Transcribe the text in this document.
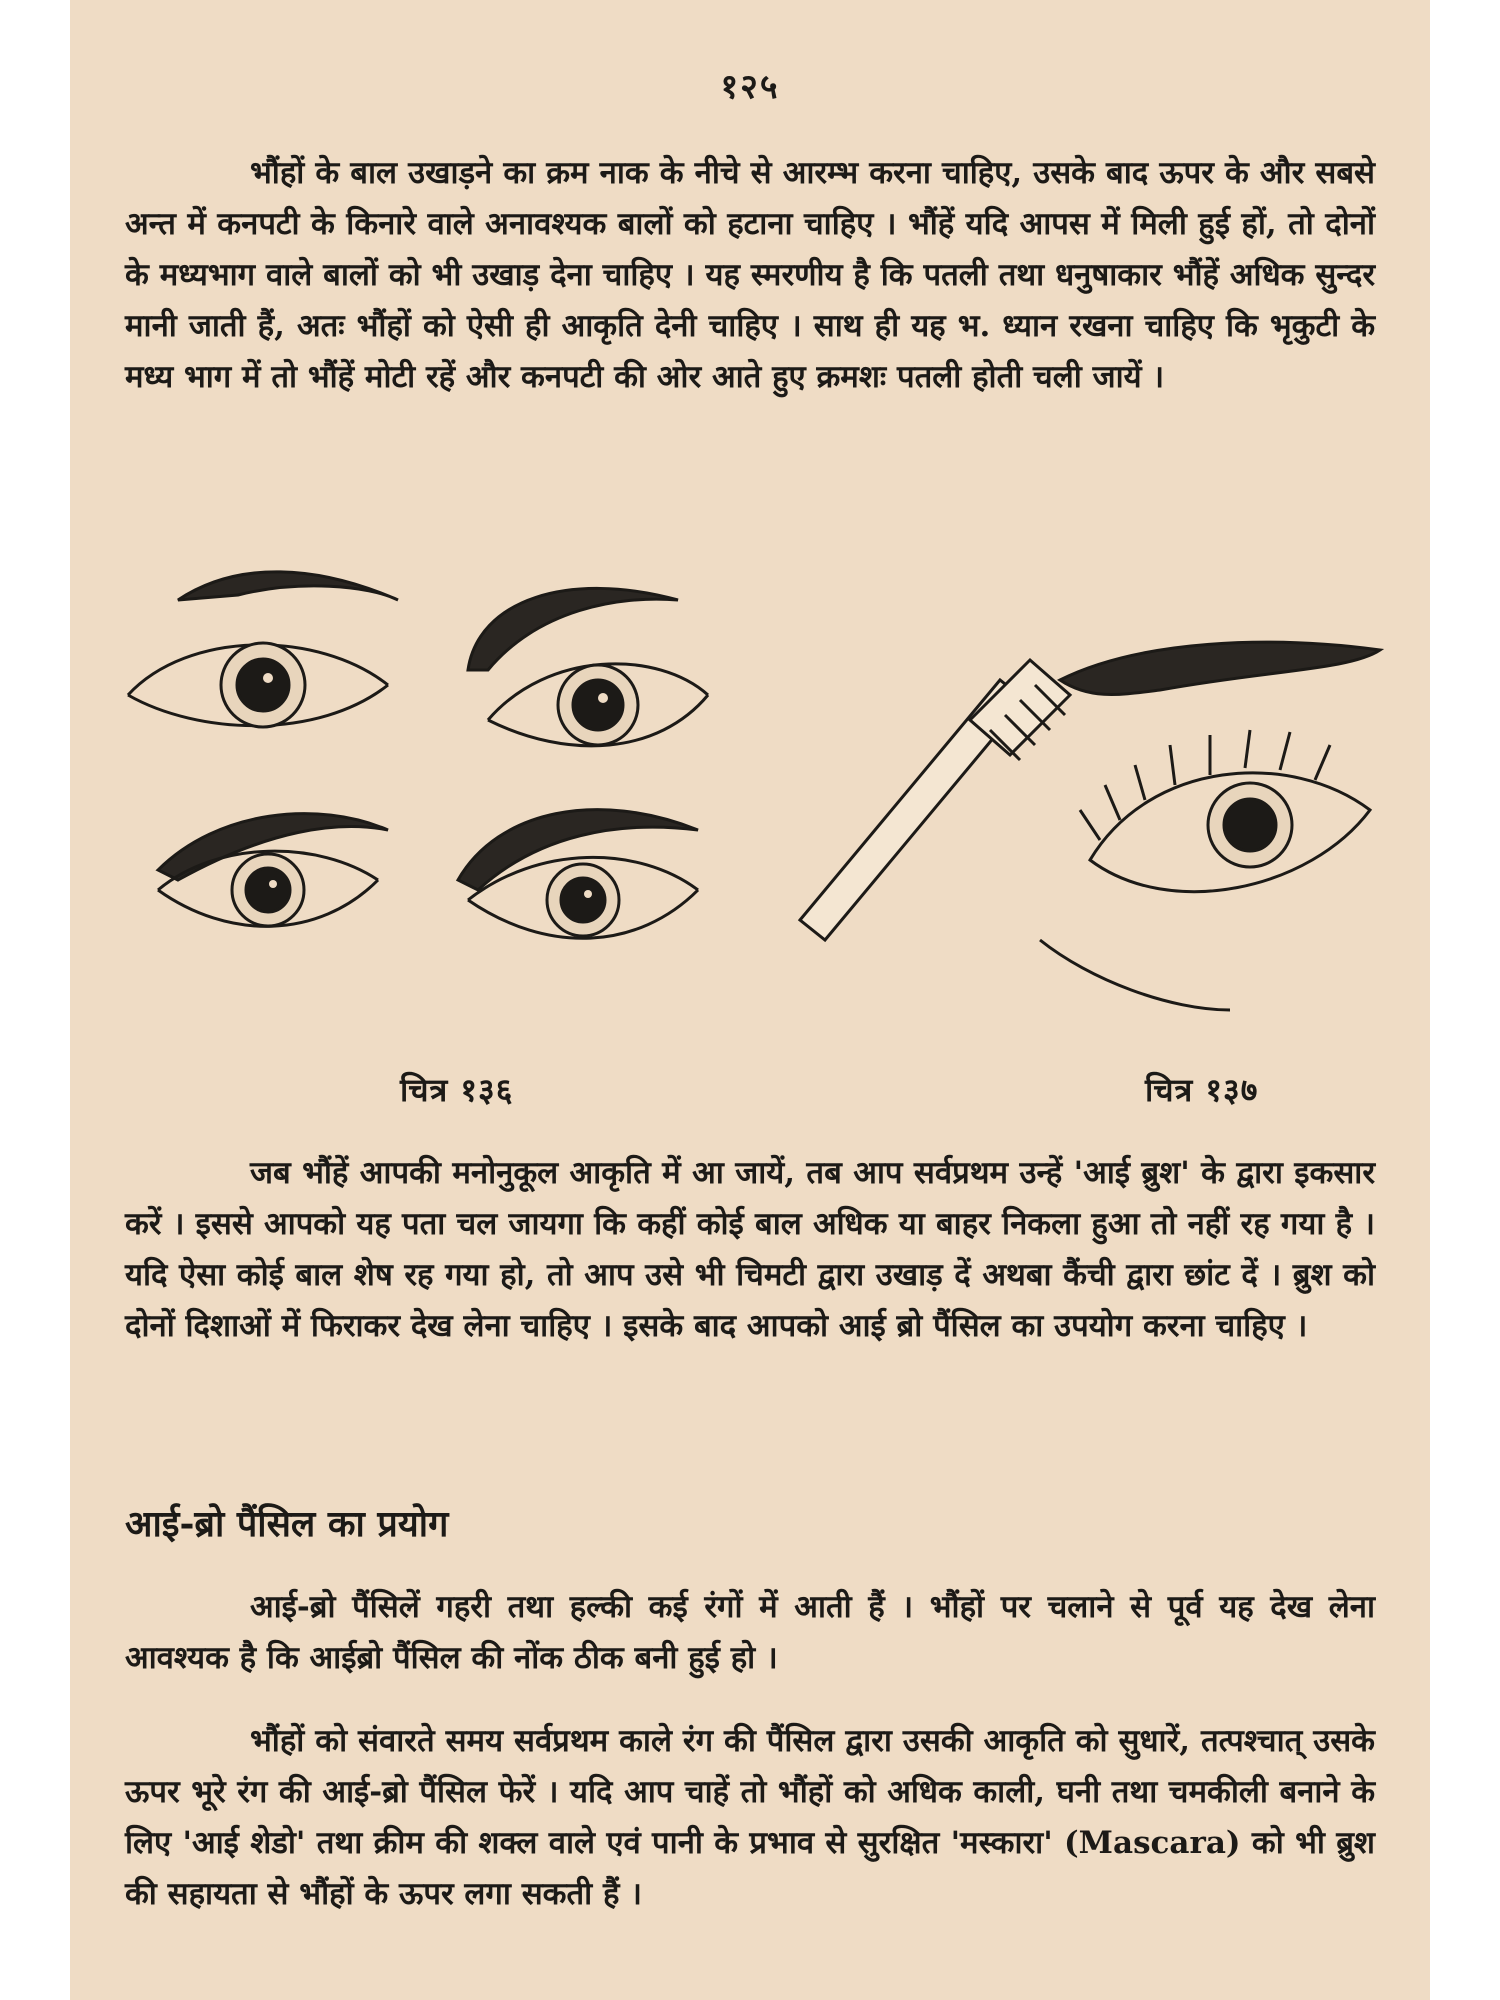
१२५

भौंहों के बाल उखाड़ने का क्रम नाक के नीचे से आरम्भ करना चाहिए, उसके बाद ऊपर के और सबसे अन्त में कनपटी के किनारे वाले अनावश्यक बालों को हटाना चाहिए । भौंहें यदि आपस में मिली हुई हों, तो दोनों के मध्यभाग वाले बालों को भी उखाड़ देना चाहिए । यह स्मरणीय है कि पतली तथा धनुषाकार भौंहें अधिक सुन्दर मानी जाती हैं, अतः भौंहों को ऐसी ही आकृति देनी चाहिए । साथ ही यह भ. ध्यान रखना चाहिए कि भृकुटी के मध्य भाग में तो भौंहें मोटी रहें और कनपटी की ओर आते हुए क्रमशः पतली होती चली जायें ।

चित्र १३६	चित्र १३७

जब भौंहें आपकी मनोनुकूल आकृति में आ जायें, तब आप सर्वप्रथम उन्हें 'आई ब्रुश' के द्वारा इकसार करें । इससे आपको यह पता चल जायगा कि कहीं कोई बाल अधिक या बाहर निकला हुआ तो नहीं रह गया है । यदि ऐसा कोई बाल शेष रह गया हो, तो आप उसे भी चिमटी द्वारा उखाड़ दें अथबा कैंची द्वारा छांट दें । ब्रुश को दोनों दिशाओं में फिराकर देख लेना चाहिए । इसके बाद आपको आई ब्रो पैंसिल का उपयोग करना चाहिए ।

आई-ब्रो पैंसिल का प्रयोग

आई-ब्रो पैंसिलें गहरी तथा हल्की कई रंगों में आती हैं । भौंहों पर चलाने से पूर्व यह देख लेना आवश्यक है कि आईब्रो पैंसिल की नोंक ठीक बनी हुई हो ।

भौंहों को संवारते समय सर्वप्रथम काले रंग की पैंसिल द्वारा उसकी आकृति को सुधारें, तत्पश्चात् उसके ऊपर भूरे रंग की आई-ब्रो पैंसिल फेरें । यदि आप चाहें तो भौंहों को अधिक काली, घनी तथा चमकीली बनाने के लिए 'आई शेडो' तथा क्रीम की शक्ल वाले एवं पानी के प्रभाव से सुरक्षित 'मस्कारा' (Mascara) को भी ब्रुश की सहायता से भौंहों के ऊपर लगा सकती हैं ।
